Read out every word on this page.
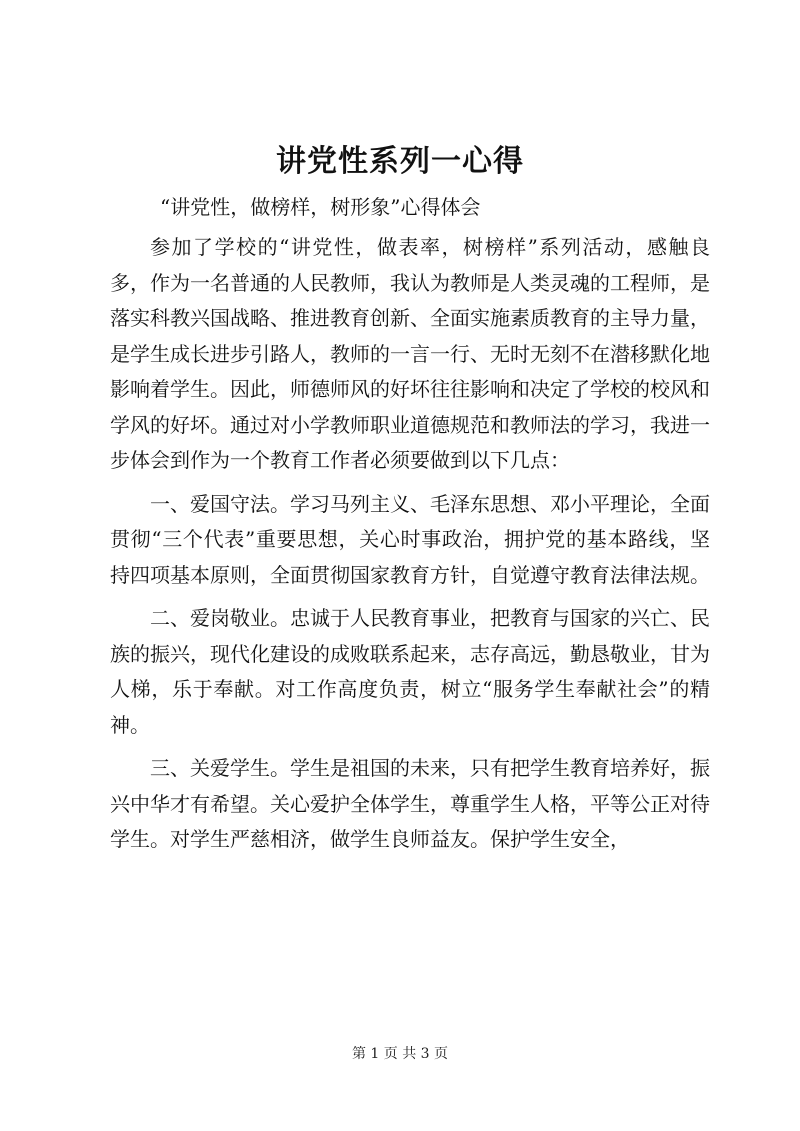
讲党性系列一心得
“讲党性，做榜样，树形象”心得体会

参加了学校的“讲党性，做表率，树榜样”系列活动，感触良多，作为一名普通的人民教师，我认为教师是人类灵魂的工程师，是落实科教兴国战略、推进教育创新、全面实施素质教育的主导力量，是学生成长进步引路人，教师的一言一行、无时无刻不在潜移默化地影响着学生。因此，师德师风的好坏往往影响和决定了学校的校风和学风的好坏。通过对小学教师职业道德规范和教师法的学习，我进一步体会到作为一个教育工作者必须要做到以下几点：

一、爱国守法。学习马列主义、毛泽东思想、邓小平理论，全面贯彻“三个代表”重要思想，关心时事政治，拥护党的基本路线，坚持四项基本原则，全面贯彻国家教育方针，自觉遵守教育法律法规。

二、爱岗敬业。忠诚于人民教育事业，把教育与国家的兴亡、民族的振兴，现代化建设的成败联系起来，志存高远，勤恳敬业，甘为人梯，乐于奉献。对工作高度负责，树立“服务学生奉献社会”的精神。

三、关爱学生。学生是祖国的未来，只有把学生教育培养好，振兴中华才有希望。关心爱护全体学生，尊重学生人格，平等公正对待学生。对学生严慈相济，做学生良师益友。保护学生安全，

第 1 页 共 3 页
